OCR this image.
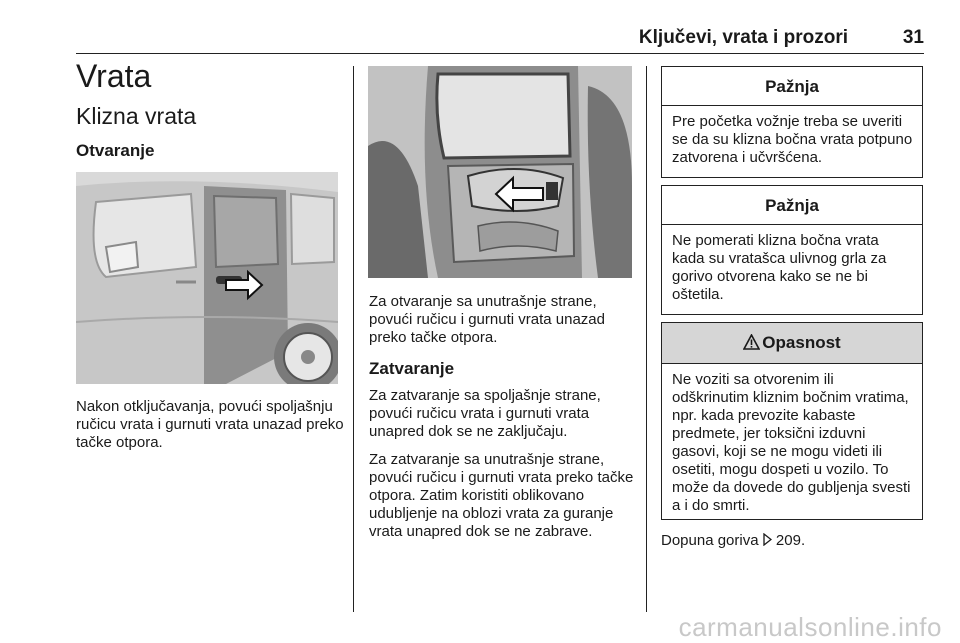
Ključevi, vrata i prozori	31
Vrata
Klizna vrata
Otvaranje
Nakon otključavanja, povući spoljašnju ručicu vrata i gurnuti vrata unazad preko tačke otpora.
Za otvaranje sa unutrašnje strane, povući ručicu i gurnuti vrata unazad preko tačke otpora.
Zatvaranje
Za zatvaranje sa spoljašnje strane, povući ručicu vrata i gurnuti vrata unapred dok se ne zaključaju.
Za zatvaranje sa unutrašnje strane, povući ručicu i gurnuti vrata preko tačke otpora. Zatim koristiti oblikovano udubljenje na oblozi vrata za guranje vrata unapred dok se ne zabrave.
Pažnja
Pre početka vožnje treba se uveriti se da su klizna bočna vrata potpuno zatvorena i učvršćena.
Pažnja
Ne pomerati klizna bočna vrata kada su vratašca ulivnog grla za gorivo otvorena kako se ne bi oštetila.
Opasnost
Ne voziti sa otvorenim ili odškrinutim kliznim bočnim vratima, npr. kada prevozite kabaste predmete, jer toksični izduvni gasovi, koji se ne mogu videti ili osetiti, mogu dospeti u vozilo. To može da dovede do gubljenja svesti a i do smrti.
Dopuna goriva 209.
carmanualsonline.info
